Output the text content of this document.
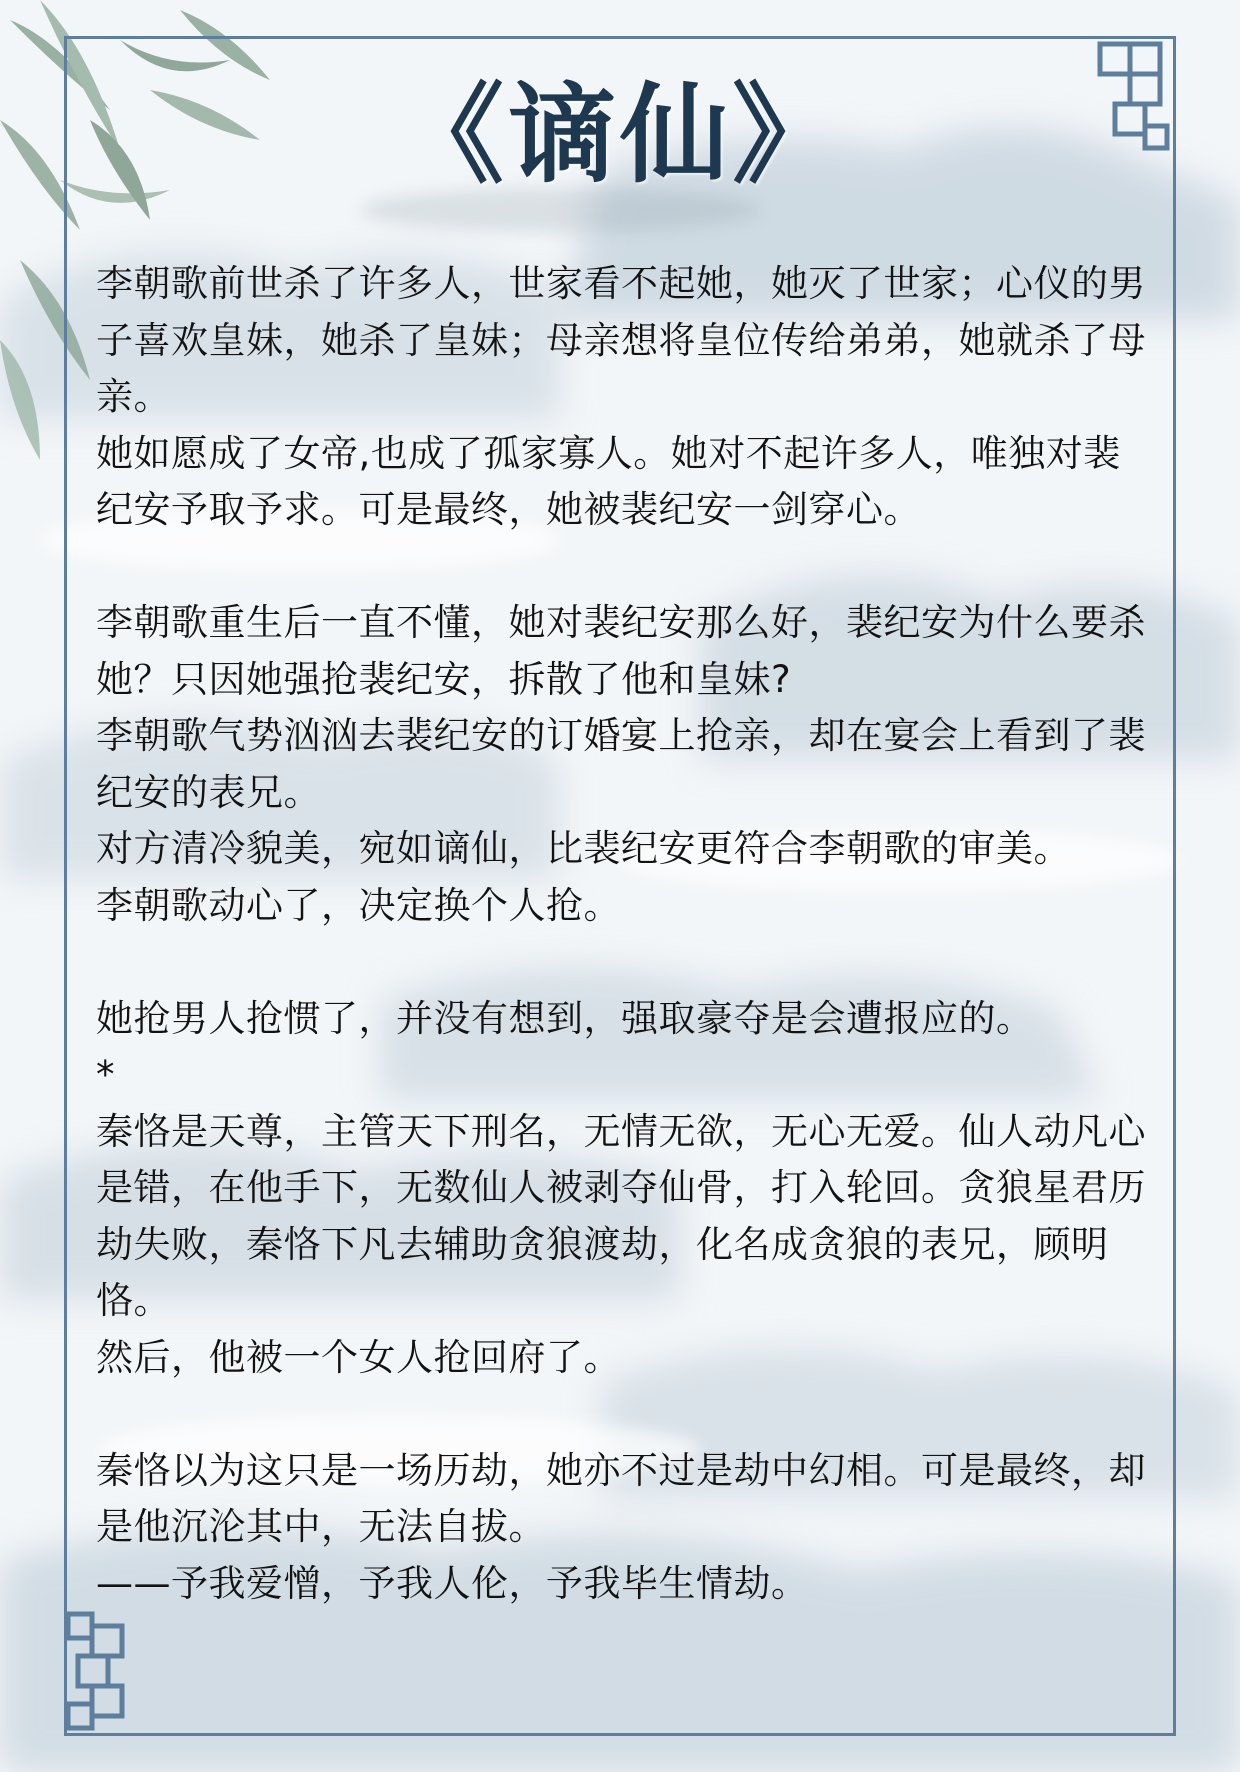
《谪仙》

李朝歌前世杀了许多人，世家看不起她，她灭了世家；心仪的男子喜欢皇妹，她杀了皇妹；母亲想将皇位传给弟弟，她就杀了母亲。

她如愿成了女帝,也成了孤家寡人。她对不起许多人，唯独对裴纪安予取予求。可是最终，她被裴纪安一剑穿心。

李朝歌重生后一直不懂，她对裴纪安那么好，裴纪安为什么要杀她？只因她强抢裴纪安，拆散了他和皇妹?

李朝歌气势汹汹去裴纪安的订婚宴上抢亲，却在宴会上看到了裴纪安的表兄。

对方清冷貌美，宛如谪仙，比裴纪安更符合李朝歌的审美。

李朝歌动心了，决定换个人抢。

她抢男人抢惯了，并没有想到，强取豪夺是会遭报应的。

*

秦恪是天尊，主管天下刑名，无情无欲，无心无爱。仙人动凡心是错，在他手下，无数仙人被剥夺仙骨，打入轮回。贪狼星君历劫失败，秦恪下凡去辅助贪狼渡劫，化名成贪狼的表兄，顾明恪。

然后，他被一个女人抢回府了。

秦恪以为这只是一场历劫，她亦不过是劫中幻相。可是最终，却是他沉沦其中，无法自拔。

——予我爱憎，予我人伦，予我毕生情劫。
